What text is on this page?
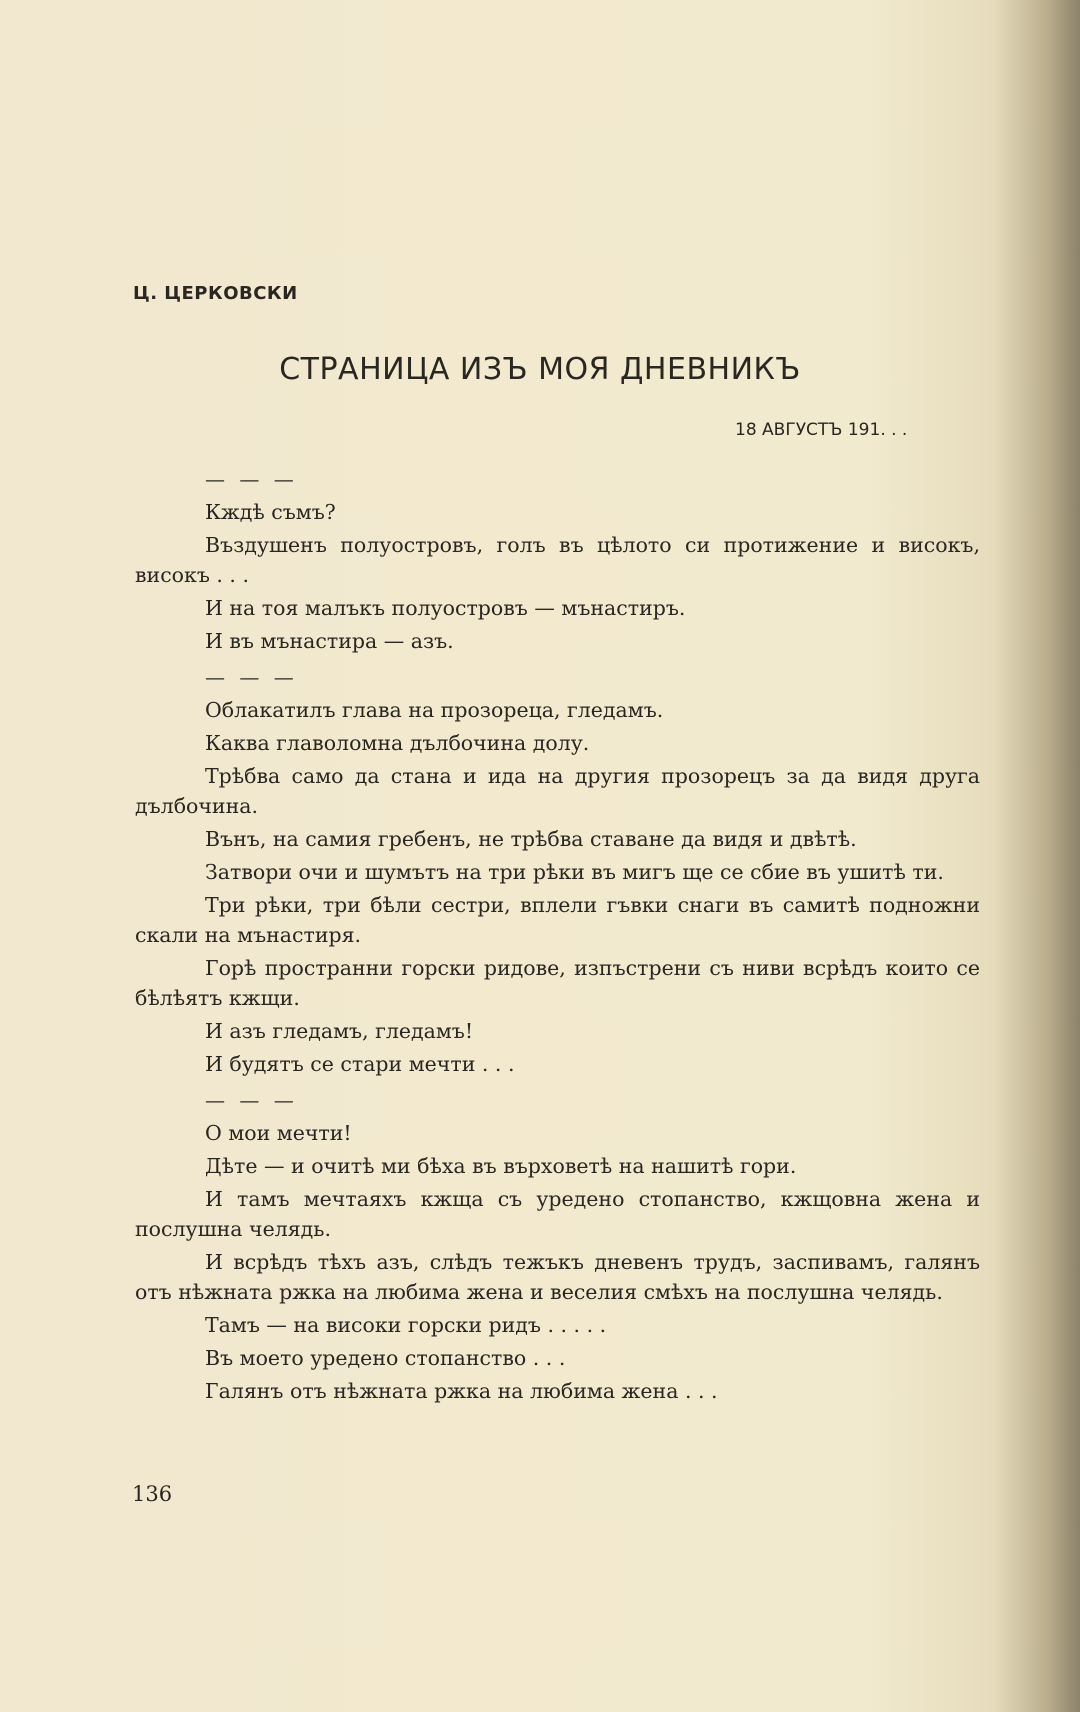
Ц. ЦЕРКОВСКИ
СТРАНИЦА ИЗЪ МОЯ ДНЕВНИКЪ
18 АВГУСТЪ 191. . .
— — —

Кждѣ съмъ?

Въздушенъ полуостровъ, голъ въ цѣлото си протижение и високъ, високъ . . .

И на тоя малъкъ полуостровъ — мънастиръ.

И въ мънастира — азъ.

— — —

Облакатилъ глава на прозореца, гледамъ.

Каква главоломна дълбочина долу.

Трѣбва само да стана и ида на другия прозорецъ за да видя друга дълбочина.

Вънъ, на самия гребенъ, не трѣбва ставане да видя и двѣтѣ.

Затвори очи и шумътъ на три рѣки въ мигъ ще се сбие въ ушитѣ ти.

Три рѣки, три бѣли сестри, вплели гъвки снаги въ самитѣ подножни скали на мънастиря.

Горѣ пространни горски ридове, изпъстрени съ ниви всрѣдъ които се бѣлѣятъ кжщи.

И азъ гледамъ, гледамъ!

И будятъ се стари мечти . . .

— — —

О мои мечти!

Дѣте — и очитѣ ми бѣха въ върховетѣ на нашитѣ гори.

И тамъ мечтаяхъ кжща съ уредено стопанство, кжщовна жена и послушна челядь.

И всрѣдъ тѣхъ азъ, слѣдъ тежъкъ дневенъ трудъ, заспивамъ, галянъ отъ нѣжната ржка на любима жена и веселия смѣхъ на послушна челядь.

Тамъ — на високи горски ридъ . . . . .

Въ моето уредено стопанство . . .

Галянъ отъ нѣжната ржка на любима жена . . .

136
